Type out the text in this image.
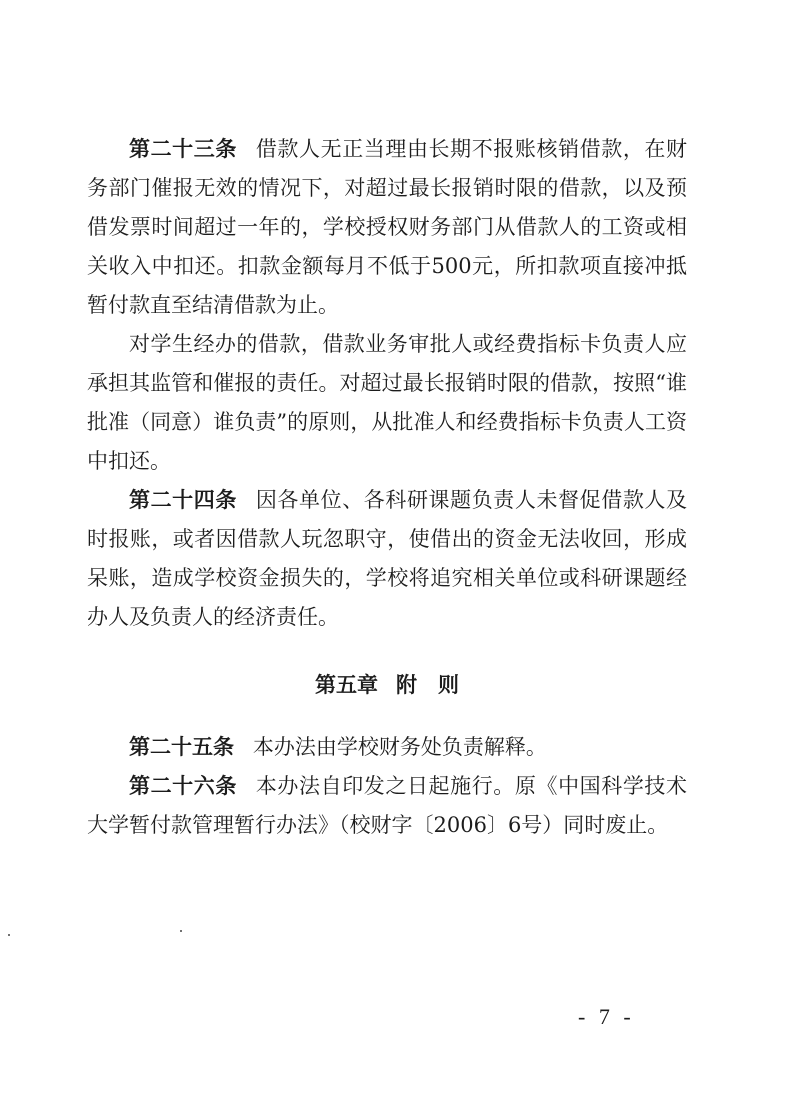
第二十三条 借款人无正当理由长期不报账核销借款，在财务部门催报无效的情况下，对超过最长报销时限的借款，以及预借发票时间超过一年的，学校授权财务部门从借款人的工资或相关收入中扣还。扣款金额每月不低于500元，所扣款项直接冲抵暂付款直至结清借款为止。

对学生经办的借款，借款业务审批人或经费指标卡负责人应承担其监管和催报的责任。对超过最长报销时限的借款，按照“谁批准（同意）谁负责”的原则，从批准人和经费指标卡负责人工资中扣还。

第二十四条 因各单位、各科研课题负责人未督促借款人及时报账，或者因借款人玩忽职守，使借出的资金无法收回，形成呆账，造成学校资金损失的，学校将追究相关单位或科研课题经办人及负责人的经济责任。

第五章 附　则

第二十五条 本办法由学校财务处负责解释。

第二十六条 本办法自印发之日起施行。原《中国科学技术大学暂付款管理暂行办法》（校财字〔2006〕6号）同时废止。

- 7 -
